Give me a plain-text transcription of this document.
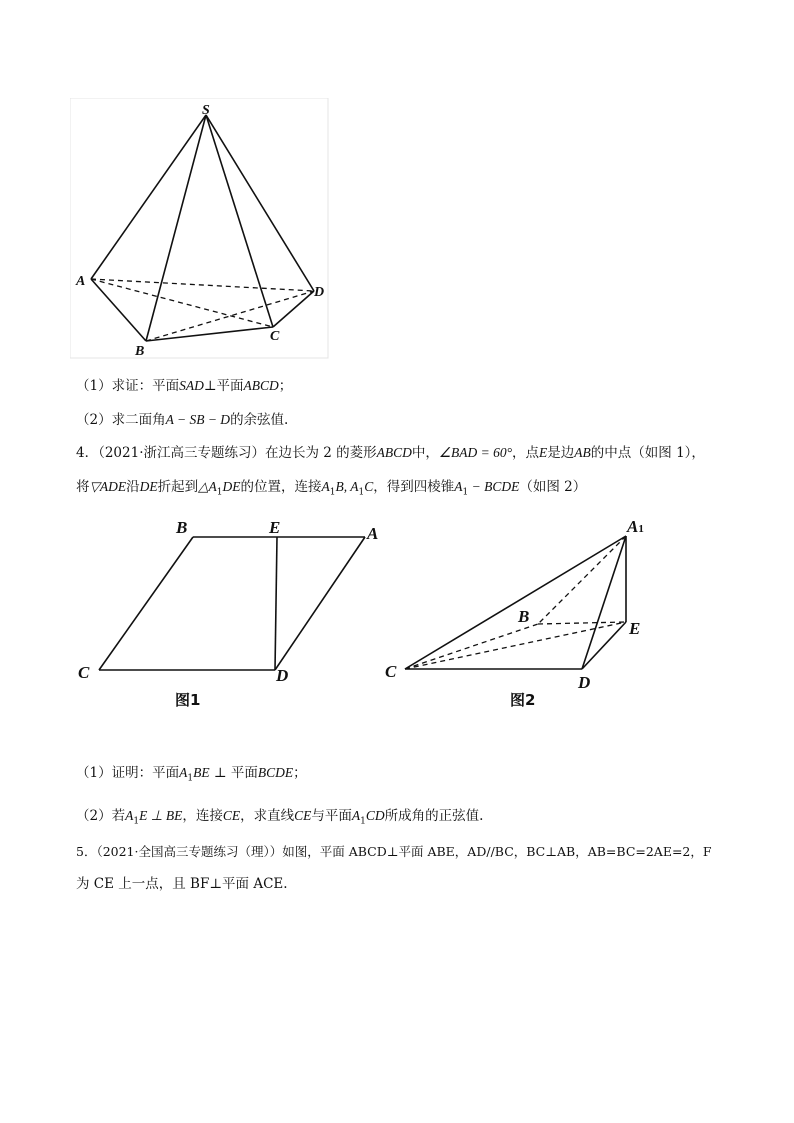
S
A
B
C
D
（1）求证：平面SAD⊥平面ABCD；
（2）求二面角A − SB − D的余弦值.
4．（2021·浙江高三专题练习）在边长为 2 的菱形ABCD中，∠BAD = 60°，点E是边AB的中点（如图 1），
将▽ADE沿DE折起到$\triangle A_1DE$的位置，连接$A_1B$, $A_1C$，得到四棱锥$A_1$ − BCDE（如图 2）
B	E	A
C	D
图1
A1
B
E
C
D
图2
（1）证明：平面$A_1BE$ ⊥ 平面BCDE；
（2）若$A_1E$ ⊥ BE，连接CE，求直线CE与平面$A_1CD$所成角的正弦值.
5．（2021·全国高三专题练习（理））如图，平面 ABCD⊥平面 ABE，AD//BC，BC⊥AB，AB=BC=2AE=2，F
为 CE 上一点，且 BF⊥平面 ACE.
